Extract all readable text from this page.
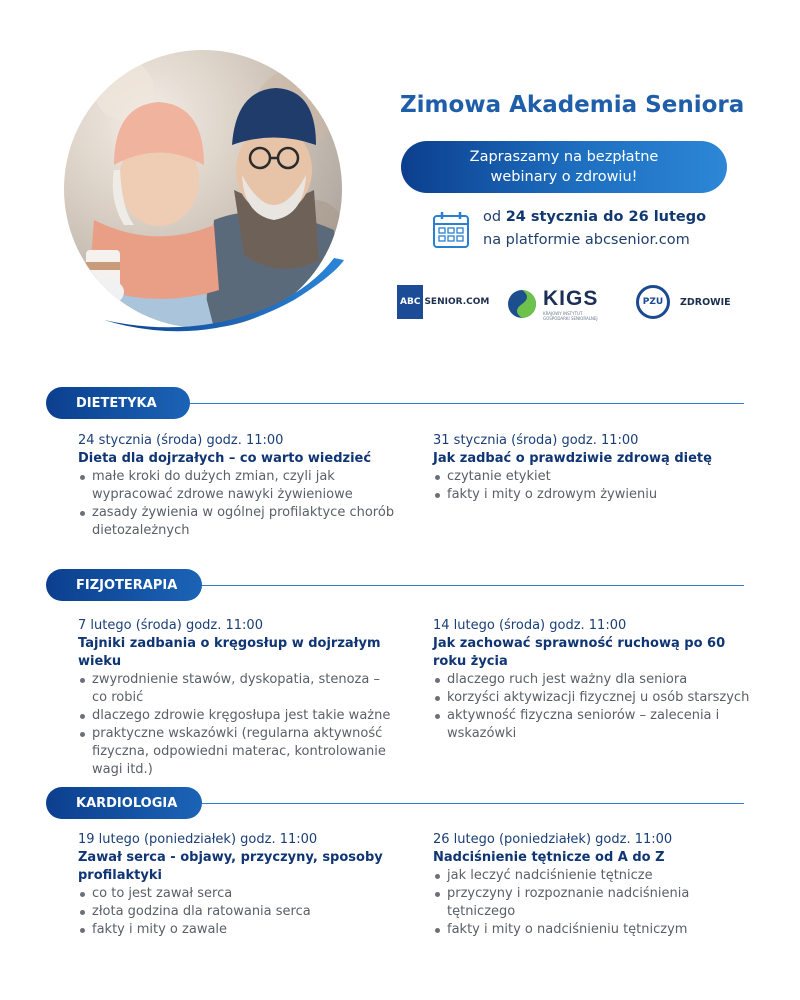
Zimowa Akademia Seniora
Zapraszamy na bezpłatne webinary o zdrowiu!
od 24 stycznia do 26 lutego
na platformie abcsenior.com
ABC SENIOR.COM	KIGS
KRAJOWY INSTYTUT GOSPODARKI SENIORALNEJ
PZU	ZDROWIE
DIETETYKA
24 stycznia (środa) godz. 11:00
Dieta dla dojrzałych – co warto wiedzieć
małe kroki do dużych zmian, czyli jak wypracować zdrowe nawyki żywieniowe
zasady żywienia w ogólnej profilaktyce chorób dietozależnych
31 stycznia (środa) godz. 11:00
Jak zadbać o prawdziwie zdrową dietę
czytanie etykiet
fakty i mity o zdrowym żywieniu
FIZJOTERAPIA
7 lutego (środa) godz. 11:00
Tajniki zadbania o kręgosłup w dojrzałym wieku
zwyrodnienie stawów, dyskopatia, stenoza – co robić
dlaczego zdrowie kręgosłupa jest takie ważne
praktyczne wskazówki (regularna aktywność fizyczna, odpowiedni materac, kontrolowanie wagi itd.)
14 lutego (środa) godz. 11:00
Jak zachować sprawność ruchową po 60 roku życia
dlaczego ruch jest ważny dla seniora
korzyści aktywizacji fizycznej u osób starszych
aktywność fizyczna seniorów – zalecenia i wskazówki
KARDIOLOGIA
19 lutego (poniedziałek) godz. 11:00
Zawał serca - objawy, przyczyny, sposoby profilaktyki
co to jest zawał serca
złota godzina dla ratowania serca
fakty i mity o zawale
26 lutego (poniedziałek) godz. 11:00
Nadciśnienie tętnicze od A do Z
jak leczyć nadciśnienie tętnicze
przyczyny i rozpoznanie nadciśnienia tętniczego
fakty i mity o nadciśnieniu tętniczym
